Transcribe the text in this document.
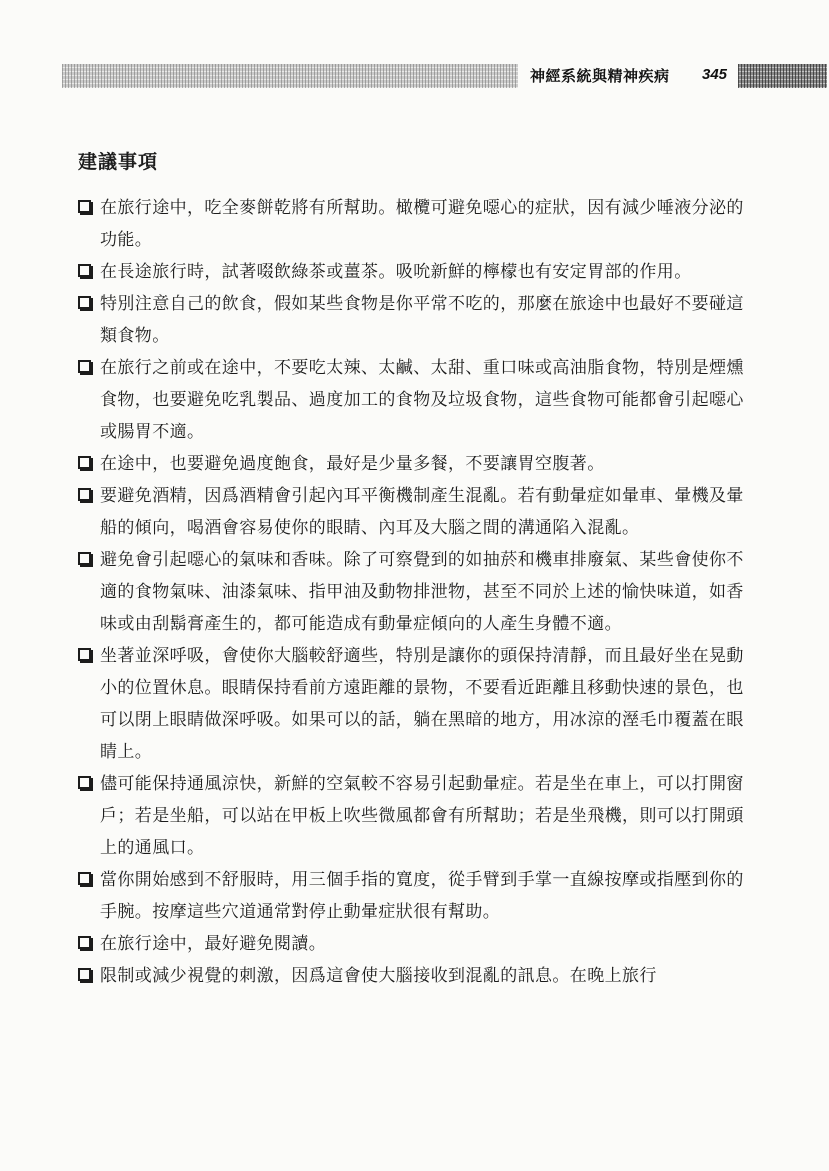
神經系統與精神疾病	345
建議事項
在旅行途中，吃全麥餅乾將有所幫助。橄欖可避免噁心的症狀，因有減少唾液分泌的功能。
在長途旅行時，試著啜飲綠茶或薑茶。吸吮新鮮的檸檬也有安定胃部的作用。
特別注意自己的飲食，假如某些食物是你平常不吃的，那麼在旅途中也最好不要碰這類食物。
在旅行之前或在途中，不要吃太辣、太鹹、太甜、重口味或高油脂食物，特別是煙燻食物，也要避免吃乳製品、過度加工的食物及垃圾食物，這些食物可能都會引起噁心或腸胃不適。
在途中，也要避免過度飽食，最好是少量多餐，不要讓胃空腹著。
要避免酒精，因爲酒精會引起內耳平衡機制產生混亂。若有動暈症如暈車、暈機及暈船的傾向，喝酒會容易使你的眼睛、內耳及大腦之間的溝通陷入混亂。
避免會引起噁心的氣味和香味。除了可察覺到的如抽菸和機車排廢氣、某些會使你不適的食物氣味、油漆氣味、指甲油及動物排泄物，甚至不同於上述的愉快味道，如香味或由刮鬍膏產生的，都可能造成有動暈症傾向的人產生身體不適。
坐著並深呼吸，會使你大腦較舒適些，特別是讓你的頭保持清靜，而且最好坐在晃動小的位置休息。眼睛保持看前方遠距離的景物，不要看近距離且移動快速的景色，也可以閉上眼睛做深呼吸。如果可以的話，躺在黑暗的地方，用冰涼的溼毛巾覆蓋在眼睛上。
儘可能保持通風涼快，新鮮的空氣較不容易引起動暈症。若是坐在車上，可以打開窗戶；若是坐船，可以站在甲板上吹些微風都會有所幫助；若是坐飛機，則可以打開頭上的通風口。
當你開始感到不舒服時，用三個手指的寬度，從手臂到手掌一直線按摩或指壓到你的手腕。按摩這些穴道通常對停止動暈症狀很有幫助。
在旅行途中，最好避免閱讀。
限制或減少視覺的刺激，因爲這會使大腦接收到混亂的訊息。在晚上旅行
